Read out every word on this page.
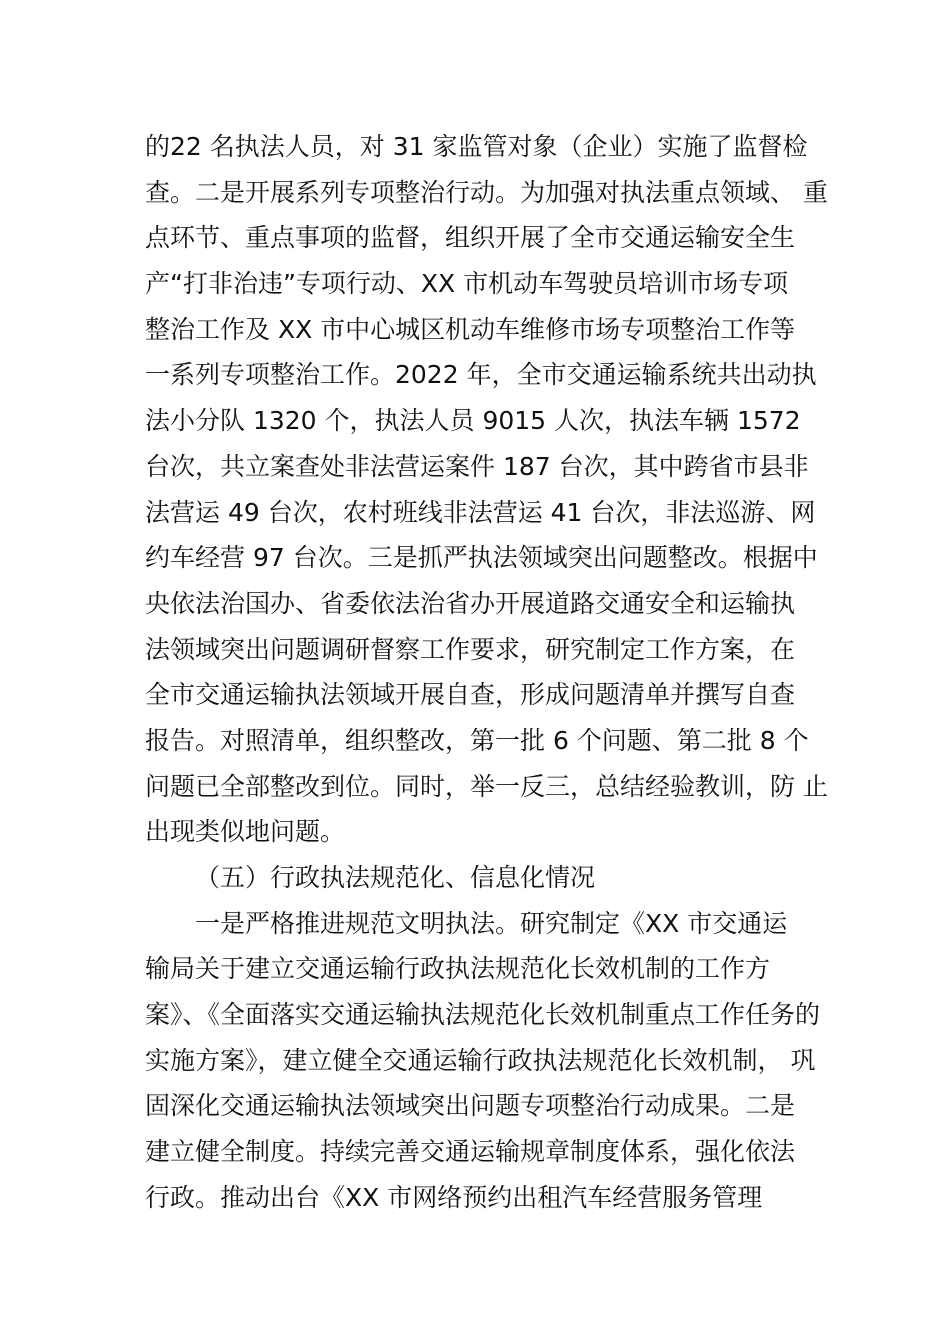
的22 名执法人员，对 31 家监管对象（企业）实施了监督检
查。二是开展系列专项整治行动。为加强对执法重点领域、 重
点环节、重点事项的监督，组织开展了全市交通运输安全生
产“打非治违”专项行动、XX 市机动车驾驶员培训市场专项
整治工作及 XX 市中心城区机动车维修市场专项整治工作等
一系列专项整治工作。2022 年，全市交通运输系统共出动执
法小分队 1320 个，执法人员 9015 人次，执法车辆 1572
台次，共立案查处非法营运案件 187 台次，其中跨省市县非
法营运 49 台次，农村班线非法营运 41 台次，非法巡游、网
约车经营 97 台次。三是抓严执法领域突出问题整改。根据中
央依法治国办、省委依法治省办开展道路交通安全和运输执
法领域突出问题调研督察工作要求，研究制定工作方案，在
全市交通运输执法领域开展自查，形成问题清单并撰写自查
报告。对照清单，组织整改，第一批 6 个问题、第二批 8 个
问题已全部整改到位。同时，举一反三，总结经验教训，防 止
出现类似地问题。
（五）行政执法规范化、信息化情况
一是严格推进规范文明执法。研究制定《XX 市交通运
输局关于建立交通运输行政执法规范化长效机制的工作方
案》、《全面落实交通运输执法规范化长效机制重点工作任务的
实施方案》，建立健全交通运输行政执法规范化长效机制， 巩
固深化交通运输执法领域突出问题专项整治行动成果。二是
建立健全制度。持续完善交通运输规章制度体系，强化依法
行政。推动出台《XX 市网络预约出租汽车经营服务管理
